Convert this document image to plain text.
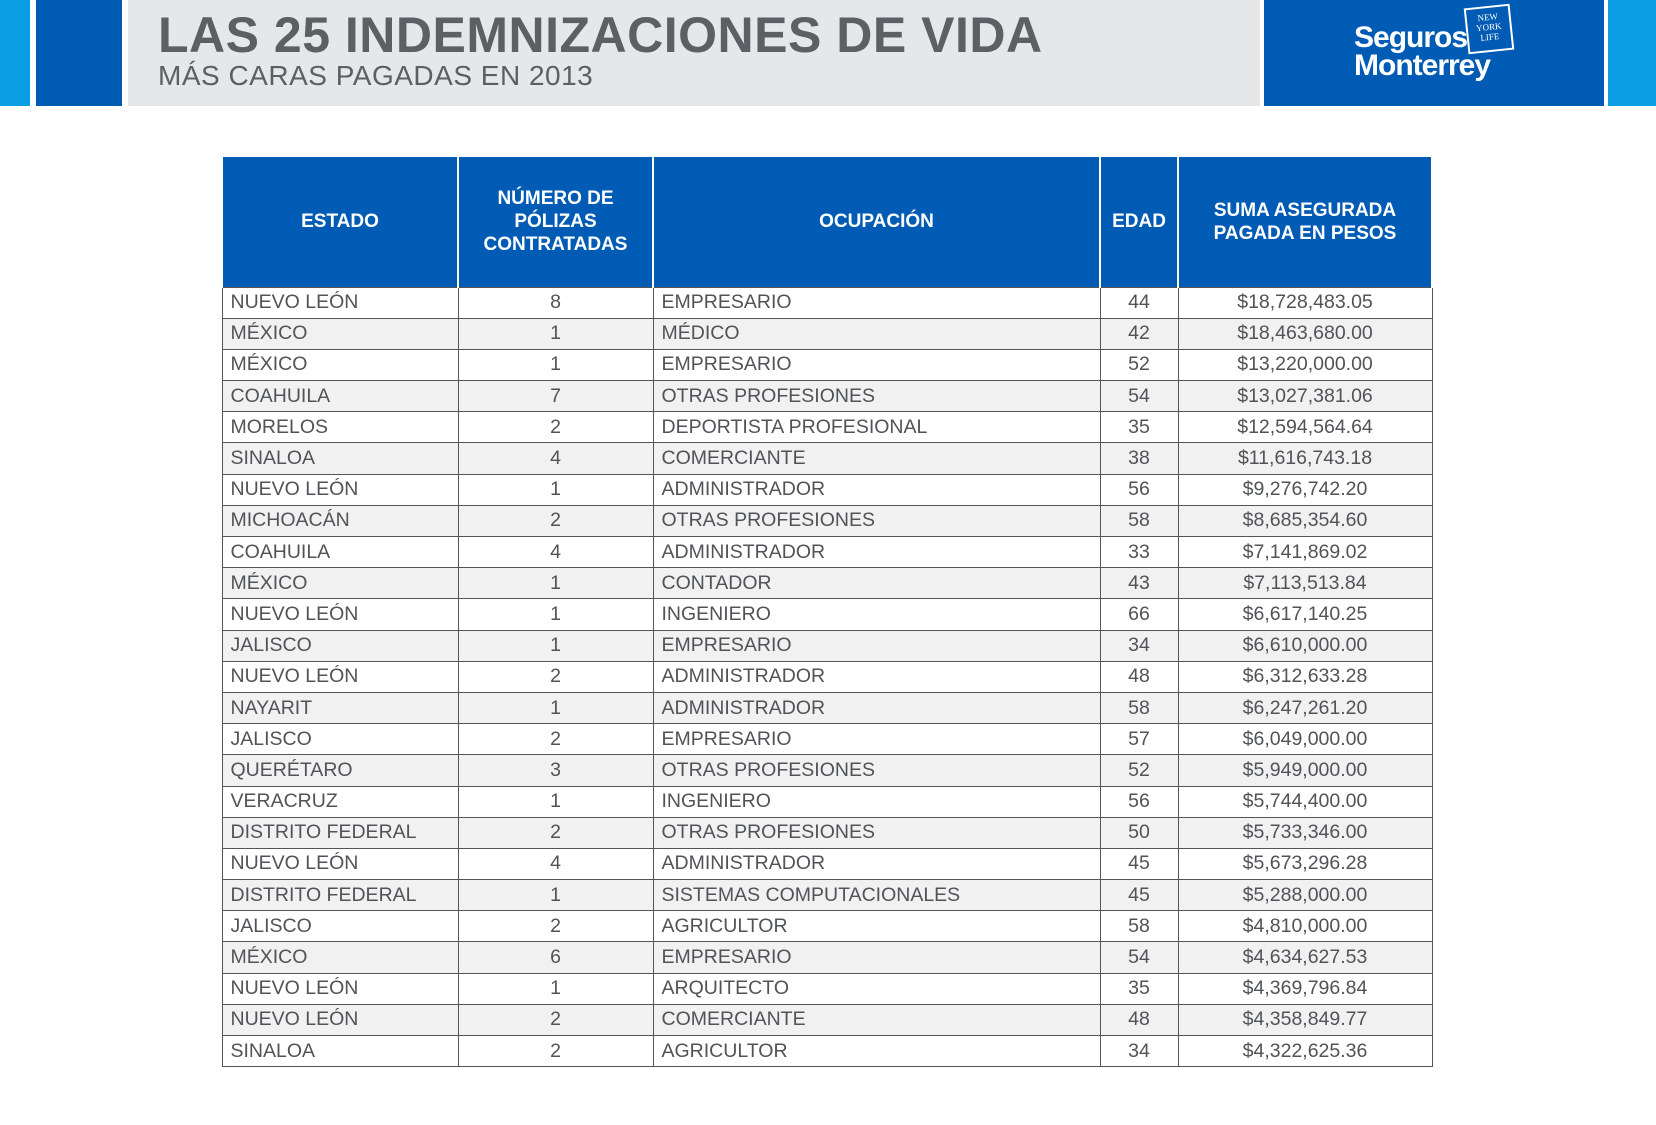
LAS 25 INDEMNIZACIONES DE VIDA
MÁS CARAS PAGADAS EN 2013
Seguros
Monterrey
NEW YORK LIFE
ESTADO	NÚMERO DE PÓLIZAS CONTRATADAS	OCUPACIÓN	EDAD	SUMA ASEGURADA PAGADA EN PESOS
NUEVO LEÓN	8	EMPRESARIO	44	$18,728,483.05
MÉXICO	1	MÉDICO	42	$18,463,680.00
MÉXICO	1	EMPRESARIO	52	$13,220,000.00
COAHUILA	7	OTRAS PROFESIONES	54	$13,027,381.06
MORELOS	2	DEPORTISTA PROFESIONAL	35	$12,594,564.64
SINALOA	4	COMERCIANTE	38	$11,616,743.18
NUEVO LEÓN	1	ADMINISTRADOR	56	$9,276,742.20
MICHOACÁN	2	OTRAS PROFESIONES	58	$8,685,354.60
COAHUILA	4	ADMINISTRADOR	33	$7,141,869.02
MÉXICO	1	CONTADOR	43	$7,113,513.84
NUEVO LEÓN	1	INGENIERO	66	$6,617,140.25
JALISCO	1	EMPRESARIO	34	$6,610,000.00
NUEVO LEÓN	2	ADMINISTRADOR	48	$6,312,633.28
NAYARIT	1	ADMINISTRADOR	58	$6,247,261.20
JALISCO	2	EMPRESARIO	57	$6,049,000.00
QUERÉTARO	3	OTRAS PROFESIONES	52	$5,949,000.00
VERACRUZ	1	INGENIERO	56	$5,744,400.00
DISTRITO FEDERAL	2	OTRAS PROFESIONES	50	$5,733,346.00
NUEVO LEÓN	4	ADMINISTRADOR	45	$5,673,296.28
DISTRITO FEDERAL	1	SISTEMAS COMPUTACIONALES	45	$5,288,000.00
JALISCO	2	AGRICULTOR	58	$4,810,000.00
MÉXICO	6	EMPRESARIO	54	$4,634,627.53
NUEVO LEÓN	1	ARQUITECTO	35	$4,369,796.84
NUEVO LEÓN	2	COMERCIANTE	48	$4,358,849.77
SINALOA	2	AGRICULTOR	34	$4,322,625.36
